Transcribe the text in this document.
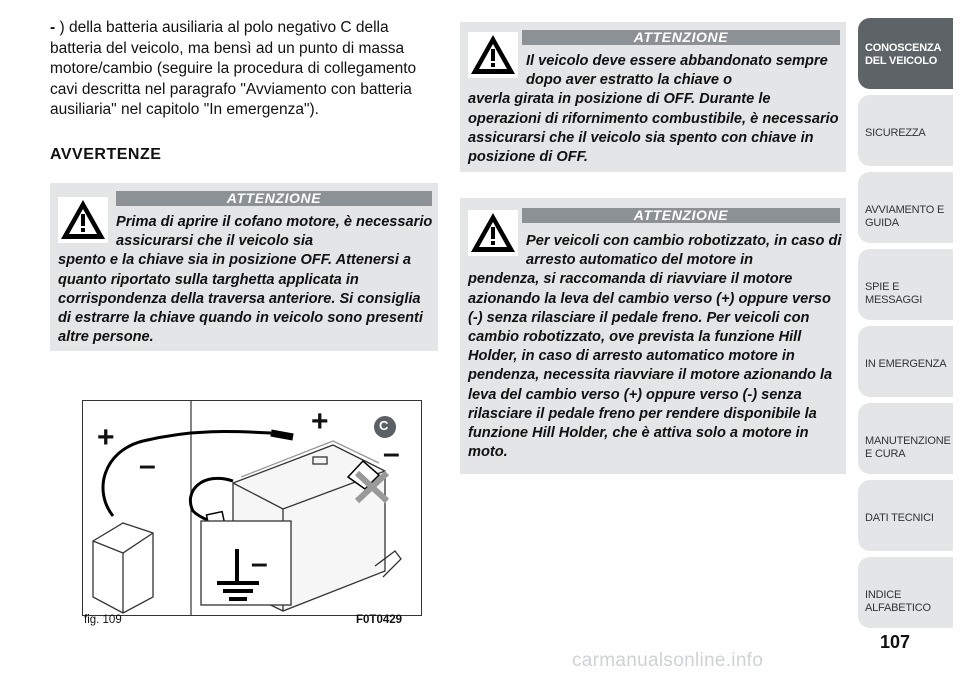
- ) della batteria ausiliaria al polo negativo C della batteria del veicolo, ma bensì ad un punto di massa motore/cambio (seguire la procedura di collegamento cavi descritta nel paragrafo "Avviamento con batteria ausiliaria" nel capitolo "In emergenza").

AVVERTENZE
ATTENZIONE

Prima di aprire il cofano motore, è necessario assicurarsi che il veicolo sia
spento e la chiave sia in posizione OFF. Attenersi a quanto riportato sulla targhetta applicata in corrispondenza della traversa anteriore. Si consiglia di estrarre la chiave quando in veicolo sono presenti altre persone.

+
–
+
–
–
C
fig. 109	F0T0429
ATTENZIONE

Il veicolo deve essere abbandonato sempre dopo aver estratto la chiave o
averla girata in posizione di OFF. Durante le operazioni di rifornimento combustibile, è necessario assicurarsi che il veicolo sia spento con chiave in posizione di OFF.

ATTENZIONE

Per veicoli con cambio robotizzato, in caso di arresto automatico del motore in
pendenza, si raccomanda di riavviare il motore azionando la leva del cambio verso (+) oppure verso (-) senza rilasciare il pedale freno. Per veicoli con cambio robotizzato, ove prevista la funzione Hill Holder, in caso di arresto automatico motore in pendenza, necessita riavviare il motore azionando la leva del cambio verso (+) oppure verso (-) senza rilasciare il pedale freno per rendere disponibile la funzione Hill Holder, che è attiva solo a motore in moto.

CONOSCENZA DEL VEICOLO
SICUREZZA
AVVIAMENTO E GUIDA
SPIE E MESSAGGI
IN EMERGENZA
MANUTENZIONE E CURA
DATI TECNICI
INDICE ALFABETICO
107
carmanualsonline.info
